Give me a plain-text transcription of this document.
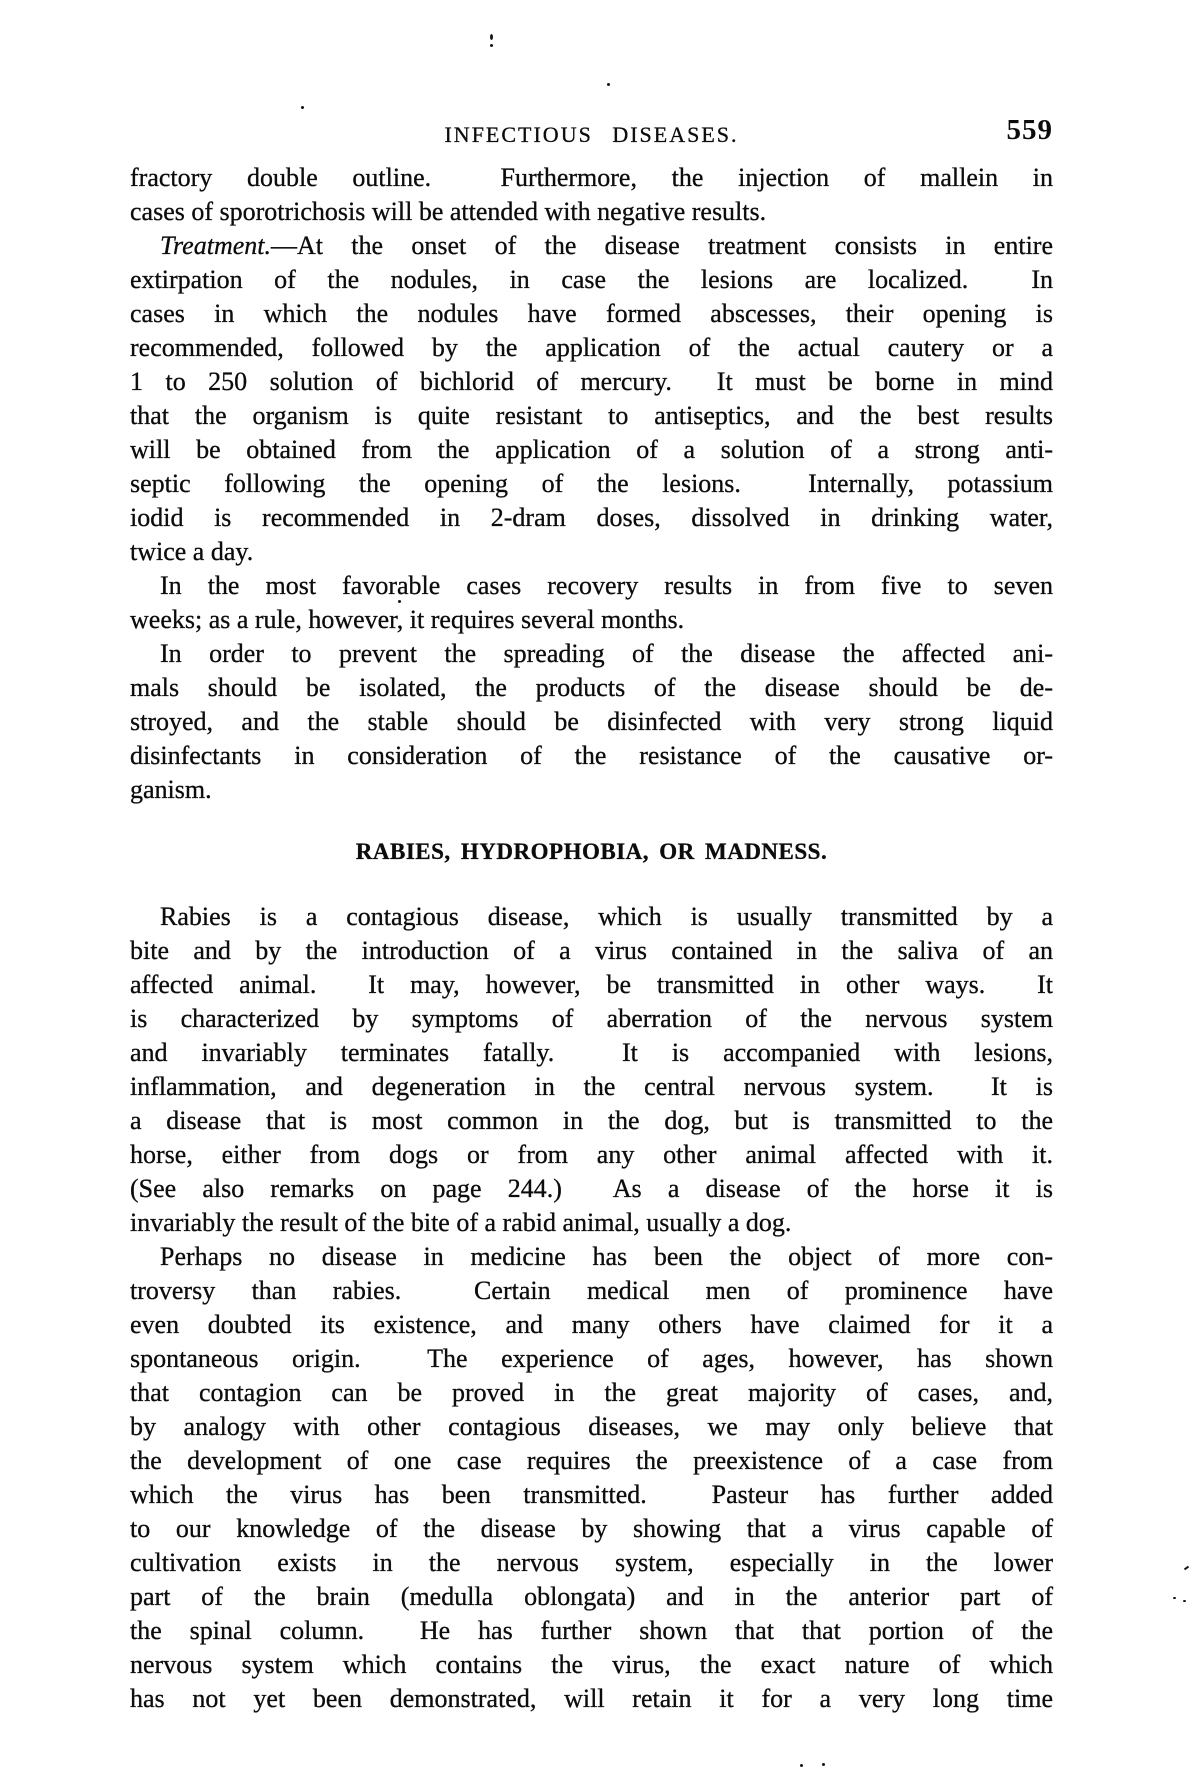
INFECTIOUS DISEASES.	559
fractory double outline.  Furthermore, the injection of mallein in
cases of sporotrichosis will be attended with negative results.
Treatment.—At the onset of the disease treatment consists in entire
extirpation of the nodules, in case the lesions are localized.  In
cases in which the nodules have formed abscesses, their opening is
recommended, followed by the application of the actual cautery or a
1 to 250 solution of bichlorid of mercury.  It must be borne in mind
that the organism is quite resistant to antiseptics, and the best results
will be obtained from the application of a solution of a strong anti-
septic following the opening of the lesions.  Internally, potassium
iodid is recommended in 2-dram doses, dissolved in drinking water,
twice a day.
In the most favorable cases recovery results in from five to seven
weeks; as a rule, however, it requires several months.
In order to prevent the spreading of the disease the affected ani-
mals should be isolated, the products of the disease should be de-
stroyed, and the stable should be disinfected with very strong liquid
disinfectants in consideration of the resistance of the causative or-
ganism.
RABIES, HYDROPHOBIA, OR MADNESS.
Rabies is a contagious disease, which is usually transmitted by a
bite and by the introduction of a virus contained in the saliva of an
affected animal.  It may, however, be transmitted in other ways.  It
is characterized by symptoms of aberration of the nervous system
and invariably terminates fatally.  It is accompanied with lesions,
inflammation, and degeneration in the central nervous system.  It is
a disease that is most common in the dog, but is transmitted to the
horse, either from dogs or from any other animal affected with it.
(See also remarks on page 244.)  As a disease of the horse it is
invariably the result of the bite of a rabid animal, usually a dog.
Perhaps no disease in medicine has been the object of more con-
troversy than rabies.  Certain medical men of prominence have
even doubted its existence, and many others have claimed for it a
spontaneous origin.  The experience of ages, however, has shown
that contagion can be proved in the great majority of cases, and,
by analogy with other contagious diseases, we may only believe that
the development of one case requires the preexistence of a case from
which the virus has been transmitted.  Pasteur has further added
to our knowledge of the disease by showing that a virus capable of
cultivation exists in the nervous system, especially in the lower
part of the brain (medulla oblongata) and in the anterior part of
the spinal column.  He has further shown that that portion of the
nervous system which contains the virus, the exact nature of which
has not yet been demonstrated, will retain it for a very long time
